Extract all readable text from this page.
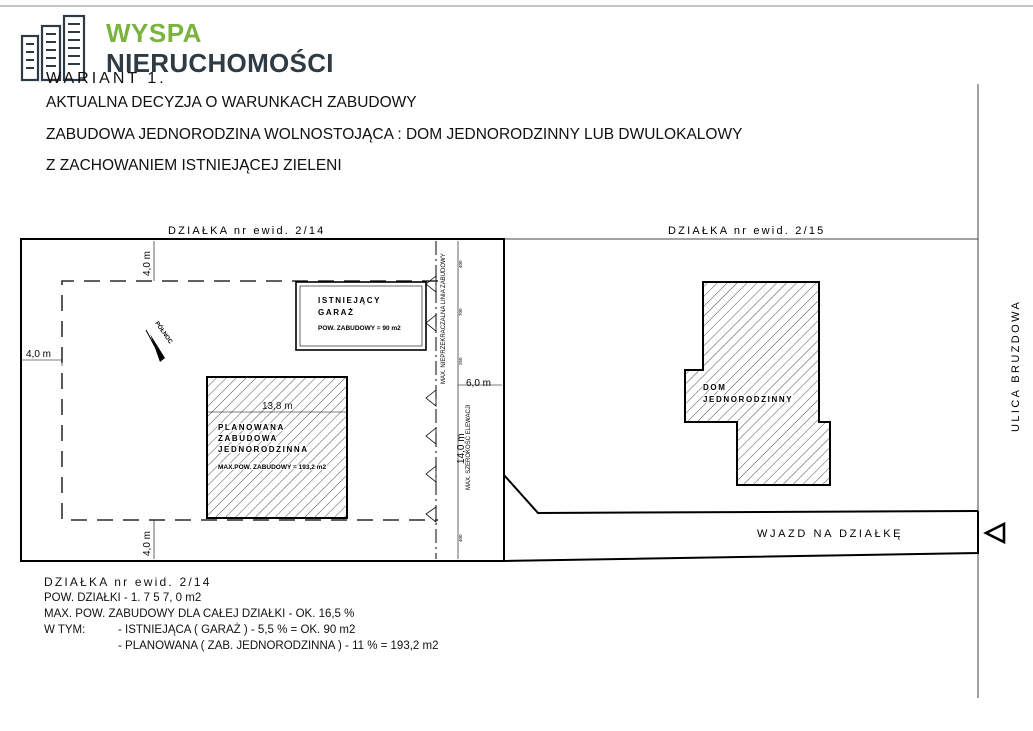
4,0 m
4,0 m
4,0 m
ISTNIEJĄCY
GARAŻ
POW. ZABUDOWY = 90 m2
13,8 m
PLANOWANA
ZABUDOWA
JEDNORODZINNA
MAX.POW. ZABUDOWY = 193,2 m2
DOM
JEDNORODZINNY
PÓŁNOC
DZIAŁKA nr ewid. 2/14	DZIAŁKA nr ewid. 2/15
ULICA BRUZDOWA
WJAZD NA DZIAŁKĘ
6,0 m
MAX. NIEPRZEKRACZALNA LINIA ZABUDOWY
MAX. SZEROKOŚĆ ELEWACJI
14,0 m
400
700
250
400
WYSPA
NIERUCHOMOŚCI
WARIANT 1.
AKTUALNA DECYZJA O WARUNKACH ZABUDOWY
ZABUDOWA JEDNORODZINA WOLNOSTOJĄCA : DOM JEDNORODZINNY LUB DWULOKALOWY
Z ZACHOWANIEM ISTNIEJĄCEJ ZIELENI
DZIAŁKA nr ewid. 2/14
POW. DZIAŁKI - 1. 7 5 7, 0 m2
MAX. POW. ZABUDOWY DLA CAŁEJ DZIAŁKI - OK. 16,5 %
W TYM:	- ISTNIEJĄCA ( GARAŻ ) - 5,5 % = OK. 90 m2
- PLANOWANA ( ZAB. JEDNORODZINNA ) - 11 % = 193,2 m2
